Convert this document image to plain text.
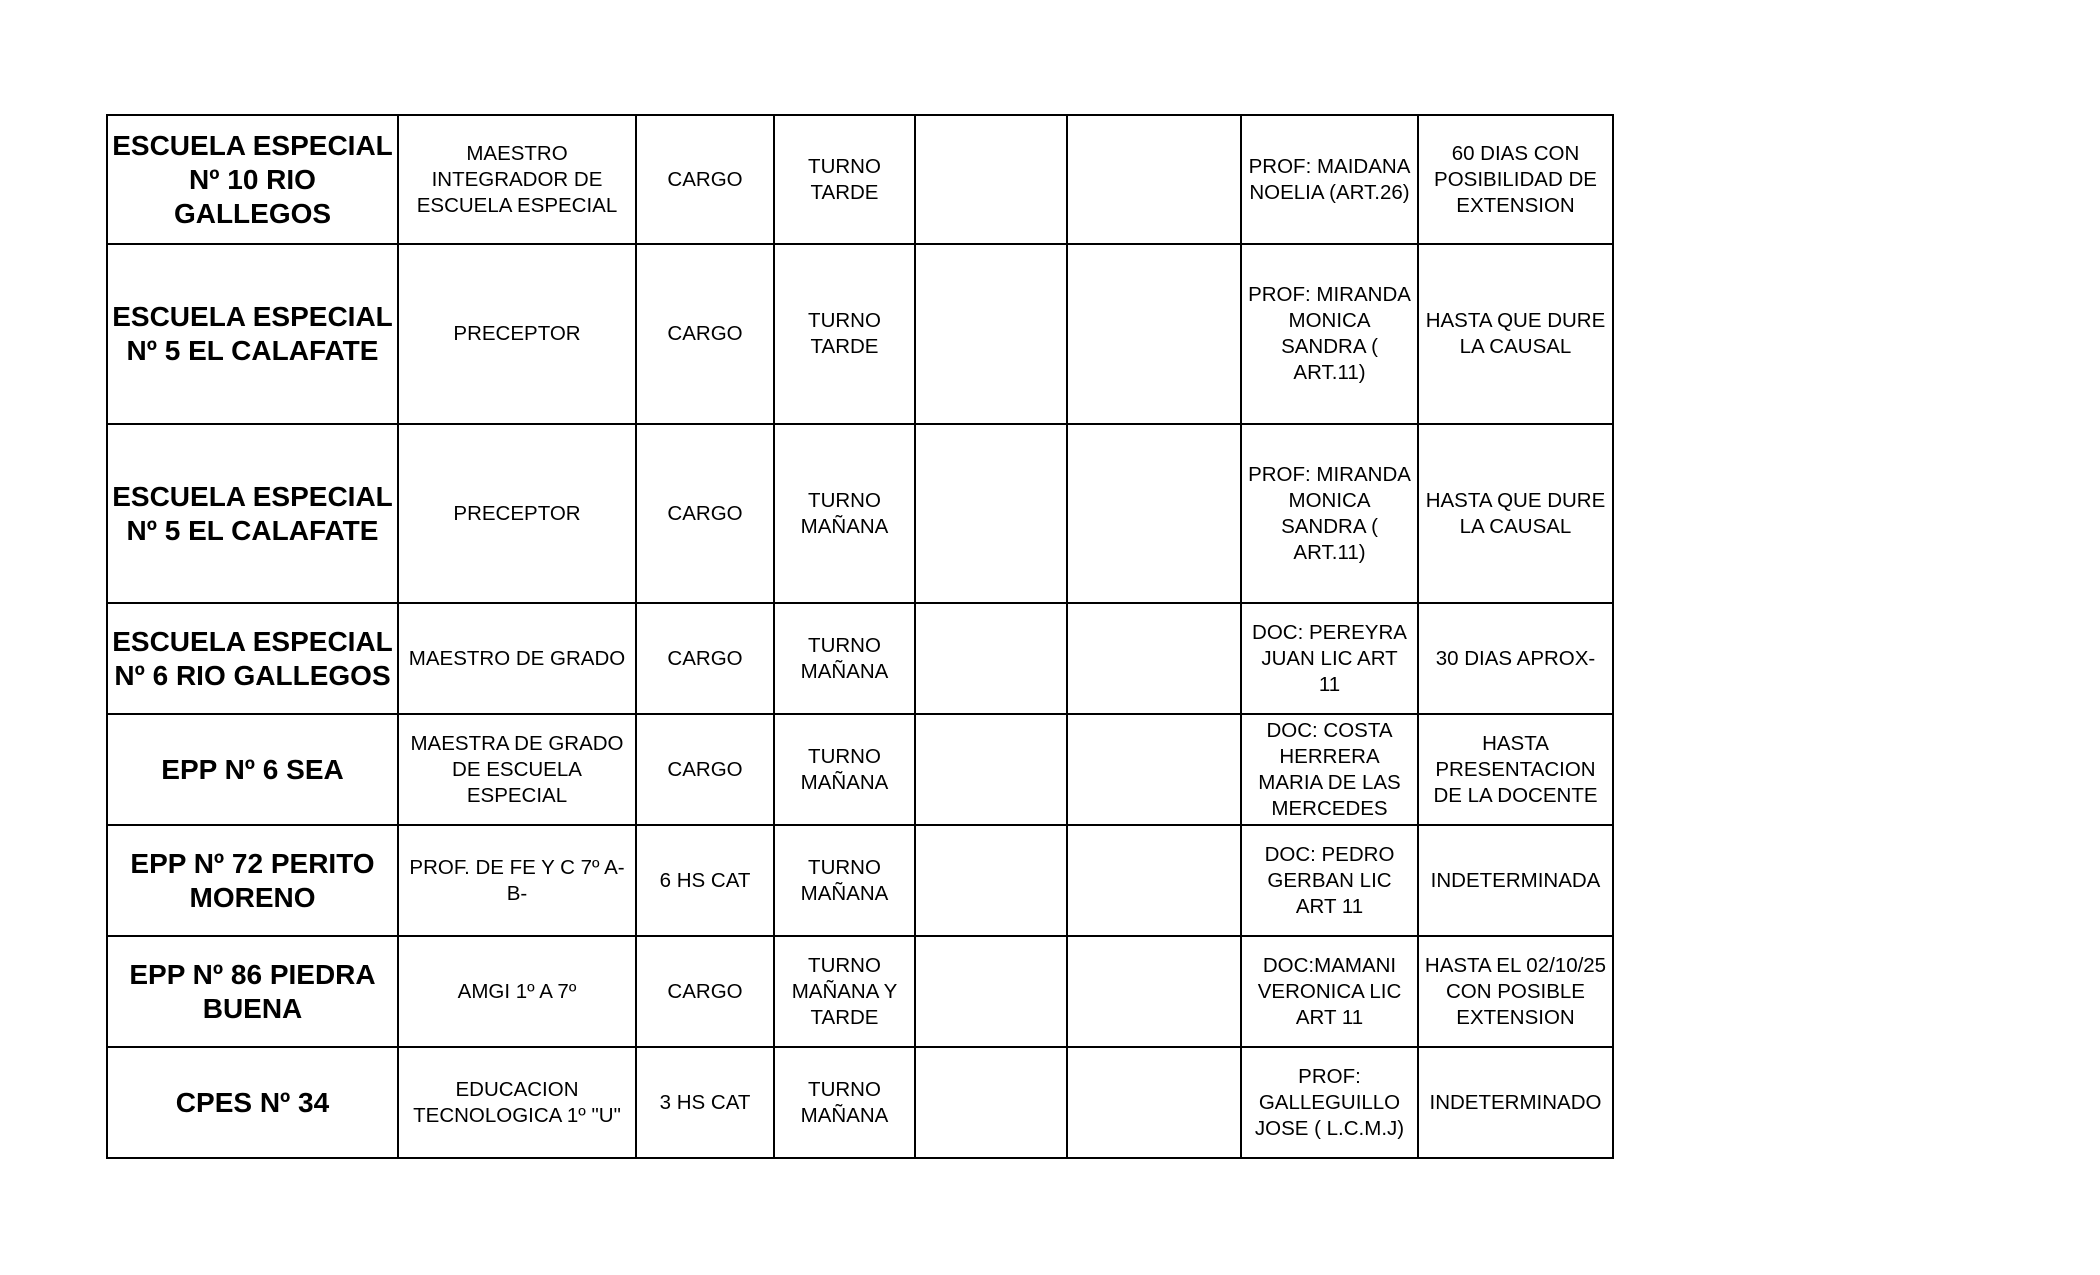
ESCUELA ESPECIAL
Nº 10 RIO
GALLEGOS	MAESTRO
INTEGRADOR DE
ESCUELA ESPECIAL	CARGO	TURNO
TARDE			PROF: MAIDANA
NOELIA (ART.26)	60 DIAS CON
POSIBILIDAD DE
EXTENSION

ESCUELA ESPECIAL
Nº 5 EL CALAFATE	PRECEPTOR	CARGO	TURNO
TARDE			PROF: MIRANDA
MONICA
SANDRA (
ART.11)	HASTA QUE DURE
LA CAUSAL

ESCUELA ESPECIAL
Nº 5 EL CALAFATE	PRECEPTOR	CARGO	TURNO
MAÑANA			PROF: MIRANDA
MONICA
SANDRA (
ART.11)	HASTA QUE DURE
LA CAUSAL

ESCUELA ESPECIAL
Nº 6 RIO GALLEGOS	MAESTRO DE GRADO	CARGO	TURNO
MAÑANA			DOC: PEREYRA
JUAN LIC ART
11	30 DIAS APROX-

EPP Nº 6 SEA	MAESTRA DE GRADO
DE ESCUELA
ESPECIAL	CARGO	TURNO
MAÑANA			DOC: COSTA
HERRERA
MARIA DE LAS
MERCEDES	HASTA
PRESENTACION
DE LA DOCENTE

EPP Nº 72 PERITO
MORENO	PROF. DE FE Y C 7º A-
B-	6 HS CAT	TURNO
MAÑANA			DOC: PEDRO
GERBAN LIC
ART 11	INDETERMINADA

EPP Nº 86 PIEDRA
BUENA	AMGI 1º A 7º	CARGO	TURNO
MAÑANA Y
TARDE			DOC:MAMANI
VERONICA LIC
ART 11	HASTA EL 02/10/25
CON POSIBLE
EXTENSION

CPES Nº 34	EDUCACION
TECNOLOGICA 1º "U"	3 HS CAT	TURNO
MAÑANA			PROF:
GALLEGUILLO
JOSE ( L.C.M.J)	INDETERMINADO
